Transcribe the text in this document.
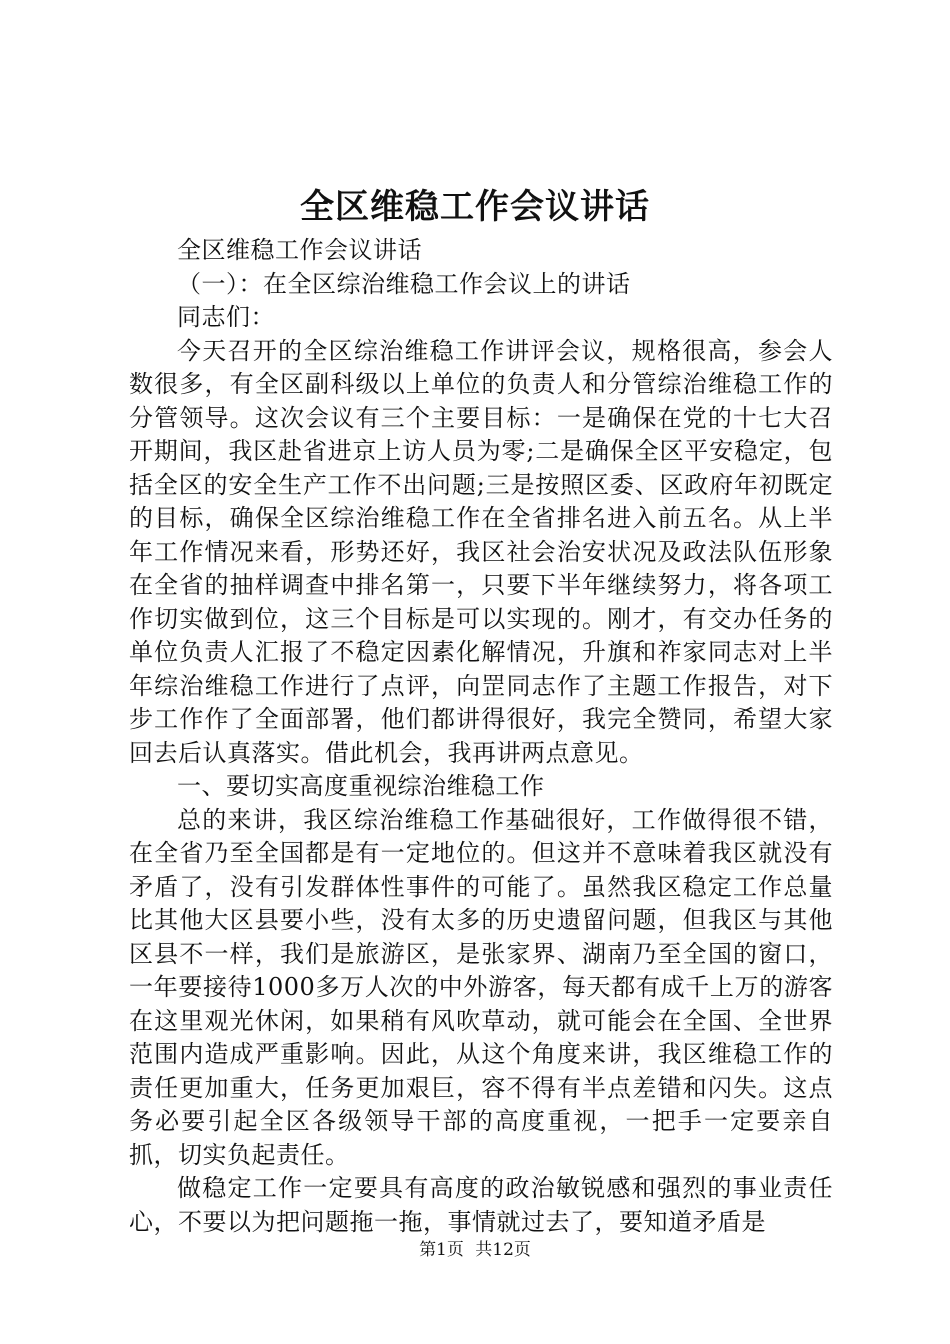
全区维稳工作会议讲话

全区维稳工作会议讲话

（一）：在全区综治维稳工作会议上的讲话

同志们：

今天召开的全区综治维稳工作讲评会议，规格很高，参会人数很多，有全区副科级以上单位的负责人和分管综治维稳工作的分管领导。这次会议有三个主要目标：一是确保在党的十七大召开期间，我区赴省进京上访人员为零;二是确保全区平安稳定，包括全区的安全生产工作不出问题;三是按照区委、区政府年初既定的目标，确保全区综治维稳工作在全省排名进入前五名。从上半年工作情况来看，形势还好，我区社会治安状况及政法队伍形象在全省的抽样调查中排名第一，只要下半年继续努力，将各项工作切实做到位，这三个目标是可以实现的。刚才，有交办任务的单位负责人汇报了不稳定因素化解情况，升旗和祚家同志对上半年综治维稳工作进行了点评，向罡同志作了主题工作报告，对下步工作作了全面部署，他们都讲得很好，我完全赞同，希望大家回去后认真落实。借此机会，我再讲两点意见。

一、要切实高度重视综治维稳工作

总的来讲，我区综治维稳工作基础很好，工作做得很不错，在全省乃至全国都是有一定地位的。但这并不意味着我区就没有矛盾了，没有引发群体性事件的可能了。虽然我区稳定工作总量比其他大区县要小些，没有太多的历史遗留问题，但我区与其他区县不一样，我们是旅游区，是张家界、湖南乃至全国的窗口，一年要接待1000多万人次的中外游客，每天都有成千上万的游客在这里观光休闲，如果稍有风吹草动，就可能会在全国、全世界范围内造成严重影响。因此，从这个角度来讲，我区维稳工作的责任更加重大，任务更加艰巨，容不得有半点差错和闪失。这点务必要引起全区各级领导干部的高度重视，一把手一定要亲自抓，切实负起责任。

做稳定工作一定要具有高度的政治敏锐感和强烈的事业责任心，不要以为把问题拖一拖，事情就过去了，要知道矛盾是

第1页 共12页
